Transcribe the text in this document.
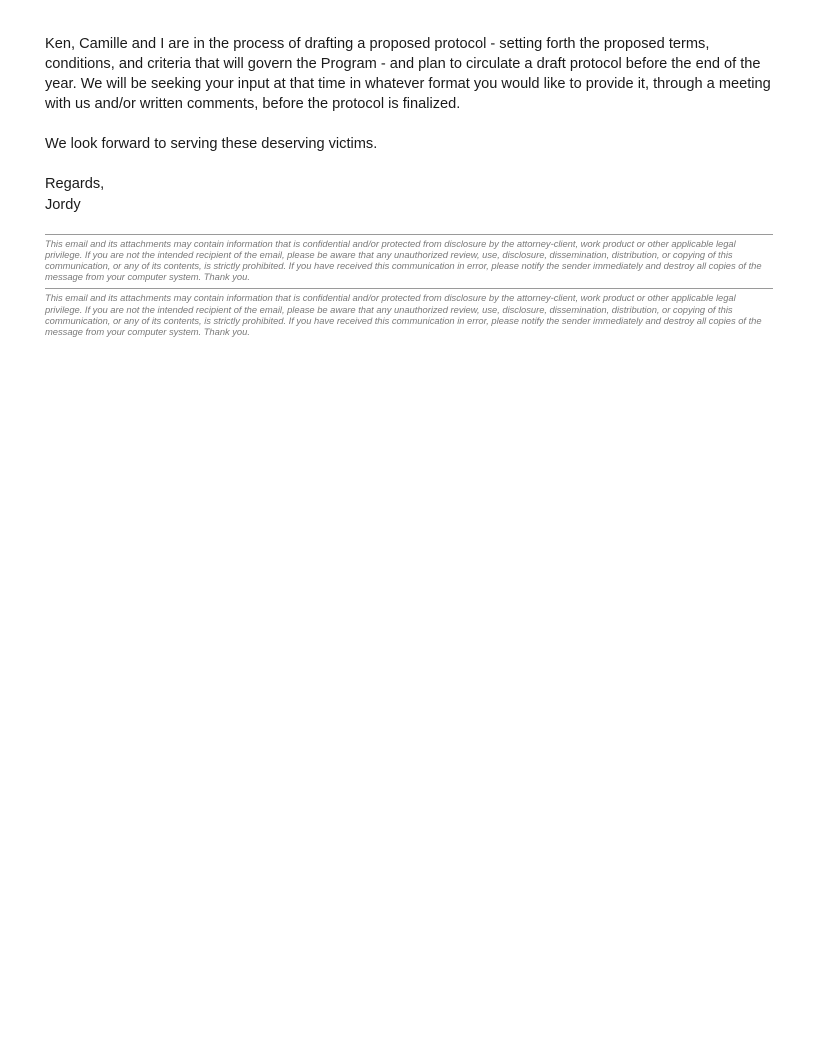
Ken, Camille and I are in the process of drafting a proposed protocol - setting forth the proposed terms, conditions, and criteria that will govern the Program - and plan to circulate a draft protocol before the end of the year. We will be seeking your input at that time in whatever format you would like to provide it, through a meeting with us and/or written comments, before the protocol is finalized.

We look forward to serving these deserving victims.

Regards,
Jordy

This email and its attachments may contain information that is confidential and/or protected from disclosure by the attorney-client, work product or other applicable legal privilege. If you are not the intended recipient of the email, please be aware that any unauthorized review, use, disclosure, dissemination, distribution, or copying of this communication, or any of its contents, is strictly prohibited. If you have received this communication in error, please notify the sender immediately and destroy all copies of the message from your computer system. Thank you.

This email and its attachments may contain information that is confidential and/or protected from disclosure by the attorney-client, work product or other applicable legal privilege. If you are not the intended recipient of the email, please be aware that any unauthorized review, use, disclosure, dissemination, distribution, or copying of this communication, or any of its contents, is strictly prohibited. If you have received this communication in error, please notify the sender immediately and destroy all copies of the message from your computer system. Thank you.
